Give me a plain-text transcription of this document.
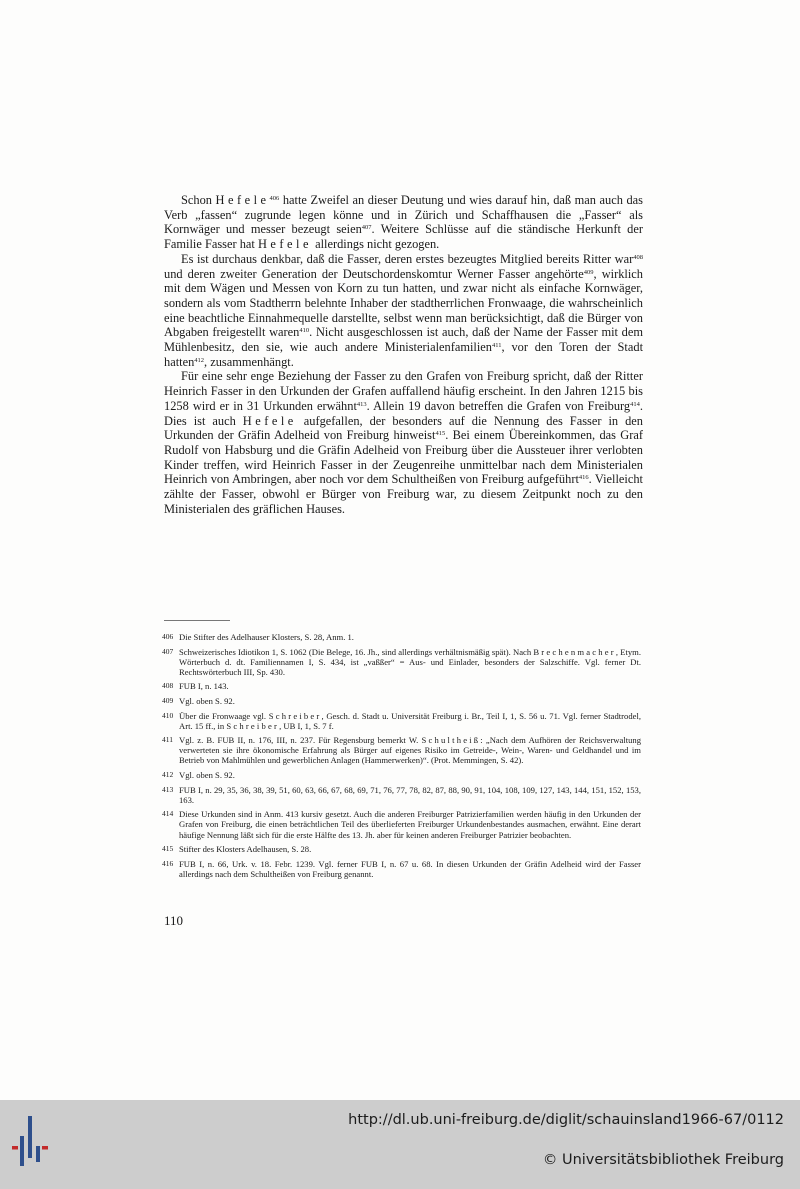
Schon Hefele$^{406}$ hatte Zweifel an dieser Deutung und wies darauf hin, daß man auch das Verb „fassen“ zugrunde legen könne und in Zürich und Schaffhausen die „Fasser“ als Kornwäger und messer bezeugt seien$^{407}$. Weitere Schlüsse auf die ständische Herkunft der Familie Fasser hat Hefele allerdings nicht gezogen.

Es ist durchaus denkbar, daß die Fasser, deren erstes bezeugtes Mitglied bereits Ritter war$^{408}$ und deren zweiter Generation der Deutschordenskomtur Werner Fasser angehörte$^{409}$, wirklich mit dem Wägen und Messen von Korn zu tun hatten, und zwar nicht als einfache Kornwäger, sondern als vom Stadtherrn belehnte Inhaber der stadtherrlichen Fronwaage, die wahrscheinlich eine beachtliche Einnahmequelle darstellte, selbst wenn man berücksichtigt, daß die Bürger von Abgaben freigestellt waren$^{410}$. Nicht ausgeschlossen ist auch, daß der Name der Fasser mit dem Mühlenbesitz, den sie, wie auch andere Ministerialenfamilien$^{411}$, vor den Toren der Stadt hatten$^{412}$, zusammenhängt.

Für eine sehr enge Beziehung der Fasser zu den Grafen von Freiburg spricht, daß der Ritter Heinrich Fasser in den Urkunden der Grafen auffallend häufig erscheint. In den Jahren 1215 bis 1258 wird er in 31 Urkunden erwähnt$^{413}$. Allein 19 davon betreffen die Grafen von Freiburg$^{414}$. Dies ist auch Hefele aufgefallen, der besonders auf die Nennung des Fasser in den Urkunden der Gräfin Adelheid von Freiburg hinweist$^{415}$. Bei einem Übereinkommen, das Graf Rudolf von Habsburg und die Gräfin Adelheid von Freiburg über die Aussteuer ihrer verlobten Kinder treffen, wird Heinrich Fasser in der Zeugenreihe unmittelbar nach dem Ministerialen Heinrich von Ambringen, aber noch vor dem Schultheißen von Freiburg aufgeführt$^{416}$. Vielleicht zählte der Fasser, obwohl er Bürger von Freiburg war, zu diesem Zeitpunkt noch zu den Ministerialen des gräflichen Hauses.

406 Die Stifter des Adelhauser Klosters, S. 28, Anm. 1.
407 Schweizerisches Idiotikon 1, S. 1062 (Die Belege, 16. Jh., sind allerdings verhältnismäßig spät). Nach Brechenmacher, Etym. Wörterbuch d. dt. Familiennamen I, S. 434, ist „vaßßer“ = Aus- und Einlader, besonders der Salzschiffe. Vgl. ferner Dt. Rechtswörterbuch III, Sp. 430.
408 FUB I, n. 143.
409 Vgl. oben S. 92.
410 Über die Fronwaage vgl. Schreiber, Gesch. d. Stadt u. Universität Freiburg i. Br., Teil I, 1, S. 56 u. 71. Vgl. ferner Stadtrodel, Art. 15 ff., in Schreiber, UB I, 1, S. 7 f.
411 Vgl. z. B. FUB II, n. 176, III, n. 237. Für Regensburg bemerkt W. Schultheiß: „Nach dem Aufhören der Reichsverwaltung verwerteten sie ihre ökonomische Erfahrung als Bürger auf eigenes Risiko im Getreide-, Wein-, Waren- und Geldhandel und im Betrieb von Mahlmühlen und gewerblichen Anlagen (Hammerwerken)“. (Prot. Memmingen, S. 42).
412 Vgl. oben S. 92.
413 FUB I, n. 29, 35, 36, 38, 39, 51, 60, 63, 66, 67, 68, 69, 71, 76, 77, 78, 82, 87, 88, 90, 91, 104, 108, 109, 127, 143, 144, 151, 152, 153, 163.
414 Diese Urkunden sind in Anm. 413 kursiv gesetzt. Auch die anderen Freiburger Patrizierfamilien werden häufig in den Urkunden der Grafen von Freiburg, die einen beträchtlichen Teil des überlieferten Freiburger Urkundenbestandes ausmachen, erwähnt. Eine derart häufige Nennung läßt sich für die erste Hälfte des 13. Jh. aber für keinen anderen Freiburger Patrizier beobachten.
415 Stifter des Klosters Adelhausen, S. 28.
416 FUB I, n. 66, Urk. v. 18. Febr. 1239. Vgl. ferner FUB I, n. 67 u. 68. In diesen Urkunden der Gräfin Adelheid wird der Fasser allerdings nach dem Schultheißen von Freiburg genannt.
110
http://dl.ub.uni-freiburg.de/diglit/schauinsland1966-67/0112
© Universitätsbibliothek Freiburg
